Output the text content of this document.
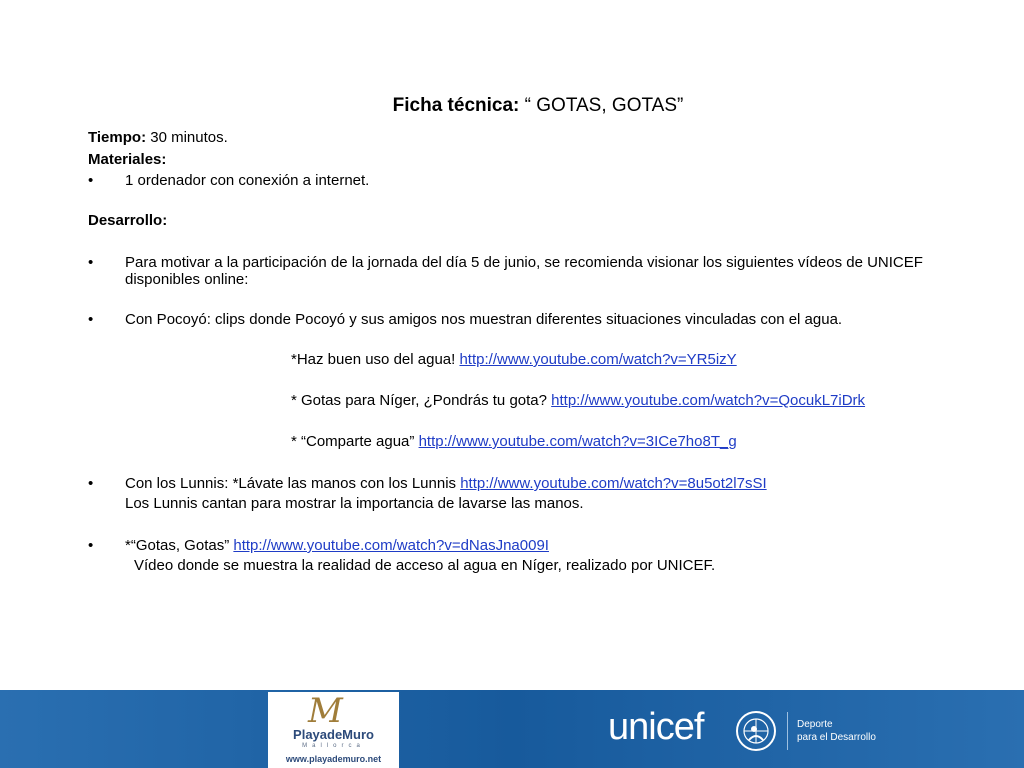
Ficha técnica: “ GOTAS, GOTAS”
Tiempo: 30 minutos.
Materiales:
• 1 ordenador con conexión a internet.
Desarrollo:
• Para motivar a la participación de la jornada del día 5 de junio, se recomienda visionar los siguientes vídeos de UNICEF
disponibles online:
• Con Pocoyó: clips donde Pocoyó y sus amigos nos muestran diferentes situaciones vinculadas con el agua.
*Haz buen uso del agua! http://www.youtube.com/watch?v=YR5izY
* Gotas para Níger, ¿Pondrás tu gota? http://www.youtube.com/watch?v=QocukL7iDrk
* “Comparte agua” http://www.youtube.com/watch?v=3ICe7ho8T_g
• Con los Lunnis: *Lávate las manos con los Lunnis http://www.youtube.com/watch?v=8u5ot2l7sSI
Los Lunnis cantan para mostrar la importancia de lavarse las manos.
• *“Gotas, Gotas” http://www.youtube.com/watch?v=dNasJna009I
Vídeo donde se muestra la realidad de acceso al agua en Níger, realizado por UNICEF.
M
PlayadeMuro
Mallorca
www.playademuro.net
unicef	Deporte
para el Desarrollo
